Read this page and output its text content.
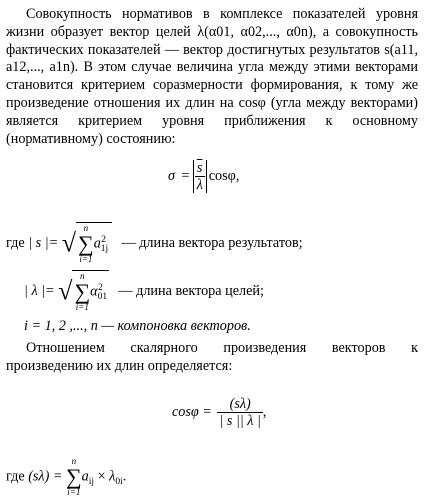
Совокупность нормативов в комплексе показателей уровня жизни образует вектор целей λ(α01, α02,..., α0n), а совокупность фактических показателей — вектор достигнутых результатов s(a11, a12,..., a1n). В этом случае величина угла между этими векторами становится критерием соразмерности формирования, к тому же произведение отношения их длин на cosφ (угла между векторами) является критерием уровня приближения к основному (нормативному) состоянию:
$\sigma = \frac{\overline{s}}{\lambda} \cos\varphi$,
где | s |= √
n
∑
i=1
$a_{1j}^2$ — длина вектора результатов;
| λ |= √
n
∑
i=1
$\alpha_{01}^2$ — длина вектора целей;
i = 1, 2 ,..., n — компоновка векторов.
Отношением скалярного произведения векторов к произведению их длин определяется:
$\cos\varphi = \frac{(s\lambda)}{| s || \lambda |}$ ,
где (sλ) =
n
∑
i=1
$a_{ij} \times \lambda_{0i}$.
